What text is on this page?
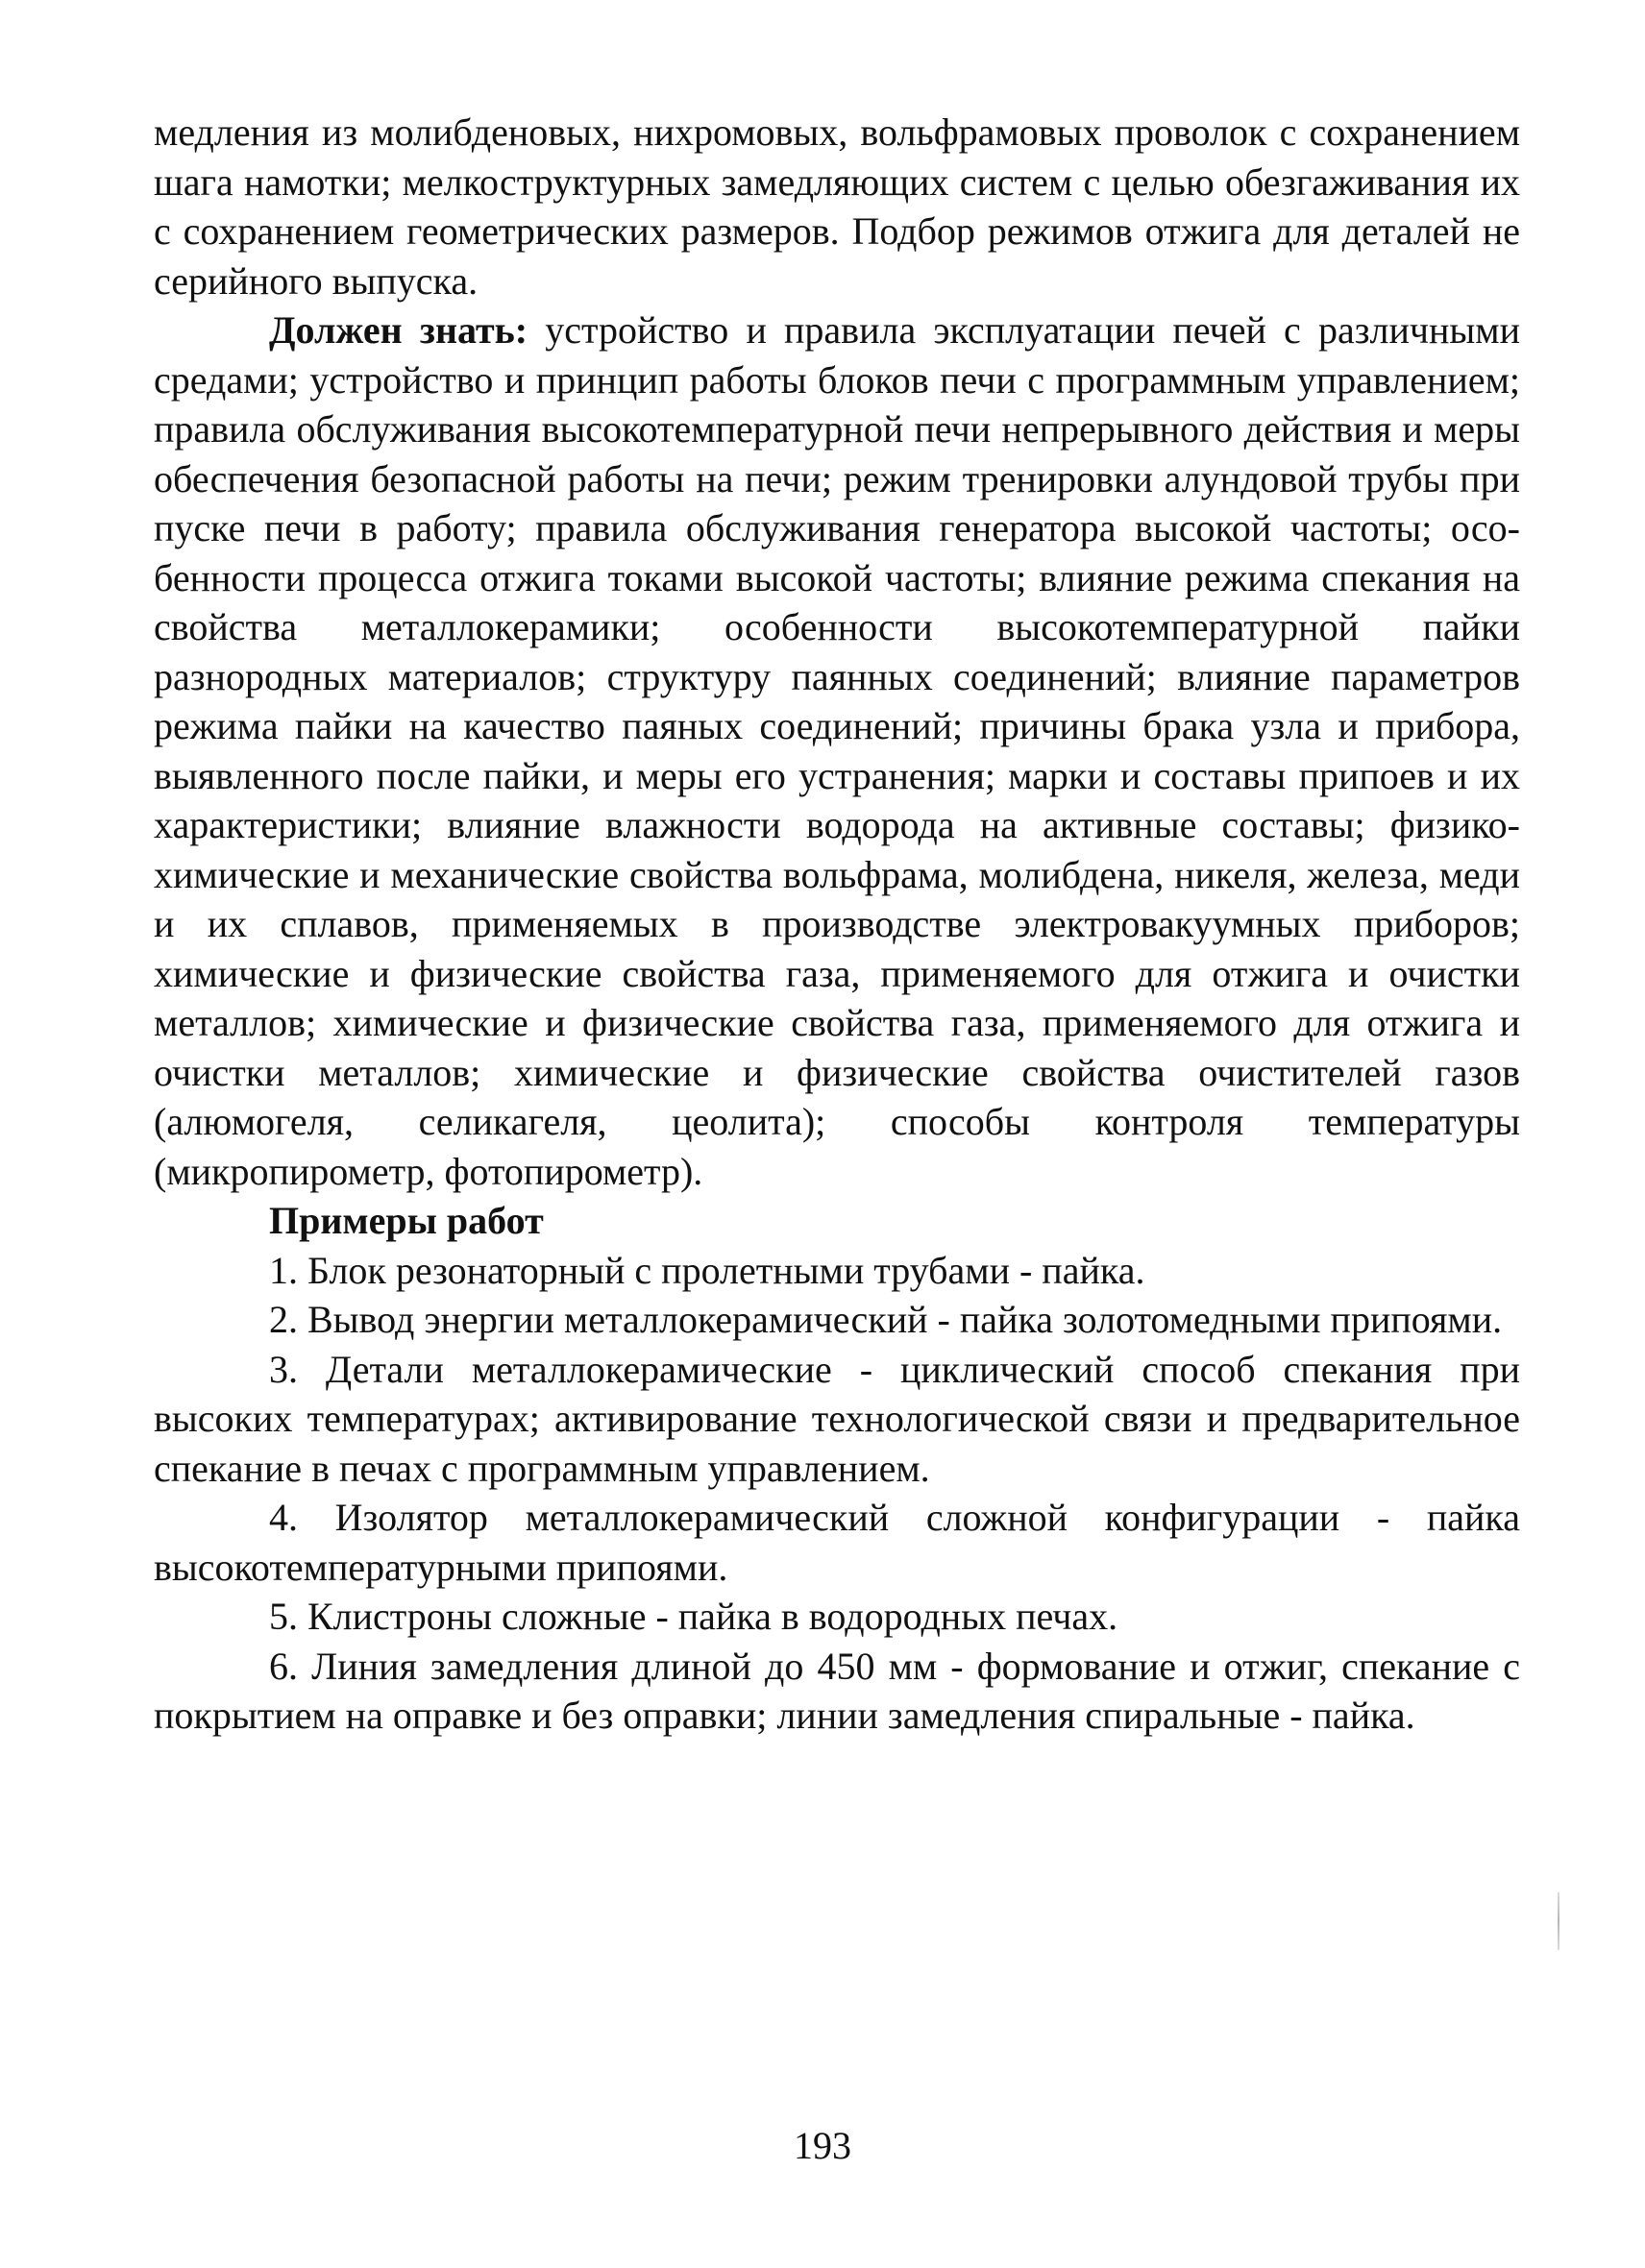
медления из молибденовых, нихромовых, вольфрамовых проволок с сохранением шага намотки; мелкоструктурных замедляющих систем с целью обезгаживания их с сохранением геометрических размеров. Подбор режимов отжига для деталей не серийного выпуска.

Должен знать: устройство и правила эксплуатации печей с различными средами; устройство и принцип работы блоков печи с программным управлением; правила обслуживания высокотемпературной печи непрерывного действия и меры обеспечения безопасной работы на печи; режим тренировки алундовой трубы при пуске печи в работу; правила обслуживания генератора высокой частоты; особенности процесса отжига токами высокой частоты; влияние режима спекания на свойства металлокерамики; особенности высокотемпературной пайки разнородных материалов; структуру паянных соединений; влияние параметров режима пайки на качество паяных соединений; причины брака узла и прибора, выявленного после пайки, и меры его устранения; марки и составы припоев и их характеристики; влияние влажности водорода на активные составы; физико-химические и механические свойства вольфрама, молибдена, никеля, железа, меди и их сплавов, применяемых в производстве электровакуумных приборов; химические и физические свойства газа, применяемого для отжига и очистки металлов; химические и физические свойства газа, применяемого для отжига и очистки металлов; химические и физические свойства очистителей газов (алюмогеля, селикагеля, цеолита); способы контроля температуры (микропирометр, фотопирометр).

Примеры работ

1. Блок резонаторный с пролетными трубами - пайка.

2. Вывод энергии металлокерамический - пайка золотомедными припоями.

3. Детали металлокерамические - циклический способ спекания при высоких температурах; активирование технологической связи и предварительное спекание в печах с программным управлением.

4. Изолятор металлокерамический сложной конфигурации - пайка высокотемпературными припоями.

5. Клистроны сложные - пайка в водородных печах.

6. Линия замедления длиной до 450 мм - формование и отжиг, спекание с покрытием на оправке и без оправки; линии замедления спиральные - пайка.

193
